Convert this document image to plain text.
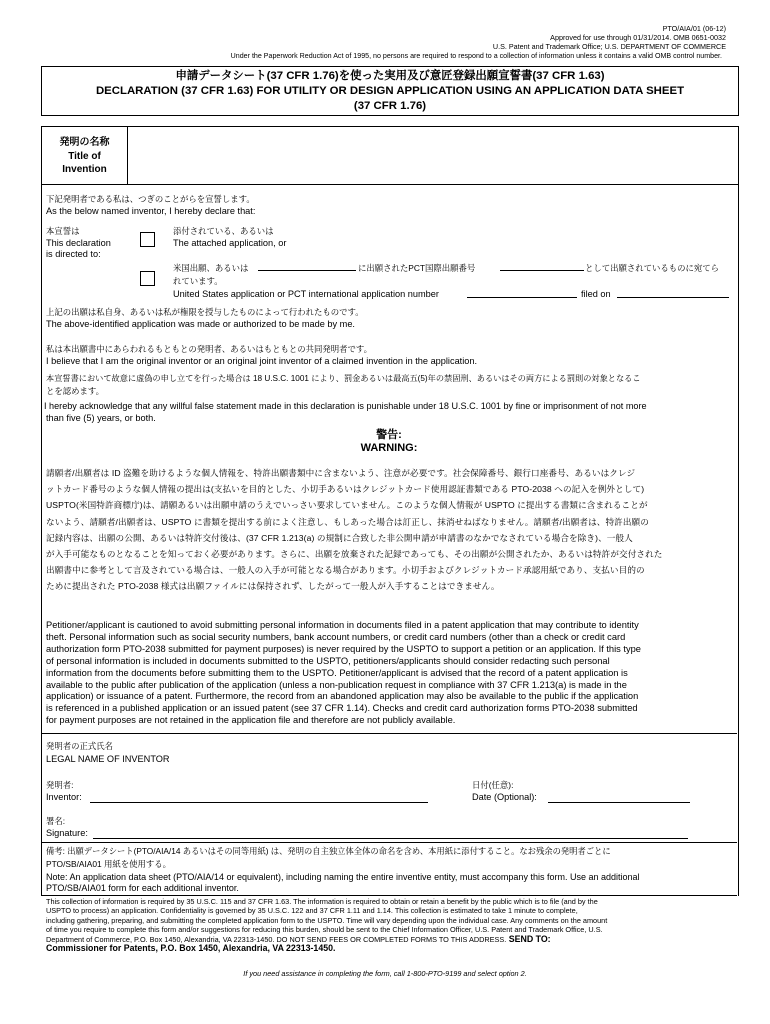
PTO/AIA/01 (06-12)
Approved for use through 01/31/2014. OMB 0651-0032
U.S. Patent and Trademark Office; U.S. DEPARTMENT OF COMMERCE
Under the Paperwork Reduction Act of 1995, no persons are required to respond to a collection of information unless it contains a valid OMB control number.
申請データシート(37 CFR 1.76)を使った実用及び意匠登録出願宣誓書(37 CFR 1.63)
DECLARATION (37 CFR 1.63) FOR UTILITY OR DESIGN APPLICATION USING AN APPLICATION DATA SHEET
(37 CFR 1.76)
発明の名称
Title of
Invention
下記発明者である私は、つぎのことがらを宣誓します。
As the below named inventor, I hereby declare that:
本宣誓は
This declaration
is directed to:
添付されている、あるいは
The attached application, or
米国出願、あるいは	に出願されたPCT国際出願番号	として出願されているものに宛てら
れています。
United States application or PCT international application number	filed on
上記の出願は私自身、あるいは私が権限を授与したものによって行われたものです。
The above-identified application was made or authorized to be made by me.
私は本出願書中にあらわれるもともとの発明者、あるいはもともとの共同発明者です。
I believe that I am the original inventor or an original joint inventor of a claimed invention in the application.
本宣誓書において故意に虚偽の申し立てを行った場合は 18 U.S.C. 1001 により、罰金あるいは最高五(5)年の禁固刑、あるいはその両方による罰則の対象となるこ
とを認めます。
I hereby acknowledge that any willful false statement made in this declaration is punishable under 18 U.S.C. 1001 by fine or imprisonment of not more
than five (5) years, or both.
警告:
WARNING:
請願者/出願者は ID 盗難を助けるような個人情報を、特許出願書類中に含まないよう、注意が必要です。社会保障番号、銀行口座番号、あるいはクレジ
ットカード番号のような個人情報の提出は(支払いを目的とした、小切手あるいはクレジットカード使用認証書類である PTO-2038 への記入を例外として)
USPTO(米国特許商標庁)は、請願あるいは出願申請のうえでいっさい要求していません。このような個人情報が USPTO に提出する書類に含まれることが
ないよう、請願者/出願者は、USPTO に書類を提出する前によく注意し、もしあった場合は訂正し、抹消せねばなりません。請願者/出願者は、特許出願の
記録内容は、出願の公開、あるいは特許交付後は、(37 CFR 1.213(a) の規制に合致した非公開申請が申請書のなかでなされている場合を除き)、一般人
が入手可能なものとなることを知っておく必要があります。さらに、出願を放棄された記録であっても、その出願が公開されたか、あるいは特許が交付された
出願書中に参考として言及されている場合は、一般人の入手が可能となる場合があります。小切手およびクレジットカード承認用紙であり、支払い目的の
ために提出された PTO-2038 様式は出願ファイルには保持されず、したがって一般人が入手することはできません。
Petitioner/applicant is cautioned to avoid submitting personal information in documents filed in a patent application that may contribute to identity
theft. Personal information such as social security numbers, bank account numbers, or credit card numbers (other than a check or credit card
authorization form PTO-2038 submitted for payment purposes) is never required by the USPTO to support a petition or an application. If this type
of personal information is included in documents submitted to the USPTO, petitioners/applicants should consider redacting such personal
information from the documents before submitting them to the USPTO. Petitioner/applicant is advised that the record of a patent application is
available to the public after publication of the application (unless a non-publication request in compliance with 37 CFR 1.213(a) is made in the
application) or issuance of a patent. Furthermore, the record from an abandoned application may also be available to the public if the application
is referenced in a published application or an issued patent (see 37 CFR 1.14). Checks and credit card authorization forms PTO-2038 submitted
for payment purposes are not retained in the application file and therefore are not publicly available.
発明者の正式氏名
LEGAL NAME OF INVENTOR
発明者:
Inventor:
日付(任意):
Date (Optional):
署名:
Signature:
備考: 出願データシート(PTO/AIA/14 あるいはその同等用紙) は、発明の自主独立体全体の命名を含め、本用紙に添付すること。なお残余の発明者ごとに
PTO/SB/AIA01 用紙を使用する。
Note: An application data sheet (PTO/AIA/14 or equivalent), including naming the entire inventive entity, must accompany this form. Use an additional
PTO/SB/AIA01 form for each additional inventor.
This collection of information is required by 35 U.S.C. 115 and 37 CFR 1.63. The information is required to obtain or retain a benefit by the public which is to file (and by the
USPTO to process) an application. Confidentiality is governed by 35 U.S.C. 122 and 37 CFR 1.11 and 1.14. This collection is estimated to take 1 minute to complete,
including gathering, preparing, and submitting the completed application form to the USPTO. Time will vary depending upon the individual case. Any comments on the amount
of time you require to complete this form and/or suggestions for reducing this burden, should be sent to the Chief Information Officer, U.S. Patent and Trademark Office, U.S.
Department of Commerce, P.O. Box 1450, Alexandria, VA 22313-1450. DO NOT SEND FEES OR COMPLETED FORMS TO THIS ADDRESS. SEND TO:
Commissioner for Patents, P.O. Box 1450, Alexandria, VA 22313-1450.
If you need assistance in completing the form, call 1-800-PTO-9199 and select option 2.
